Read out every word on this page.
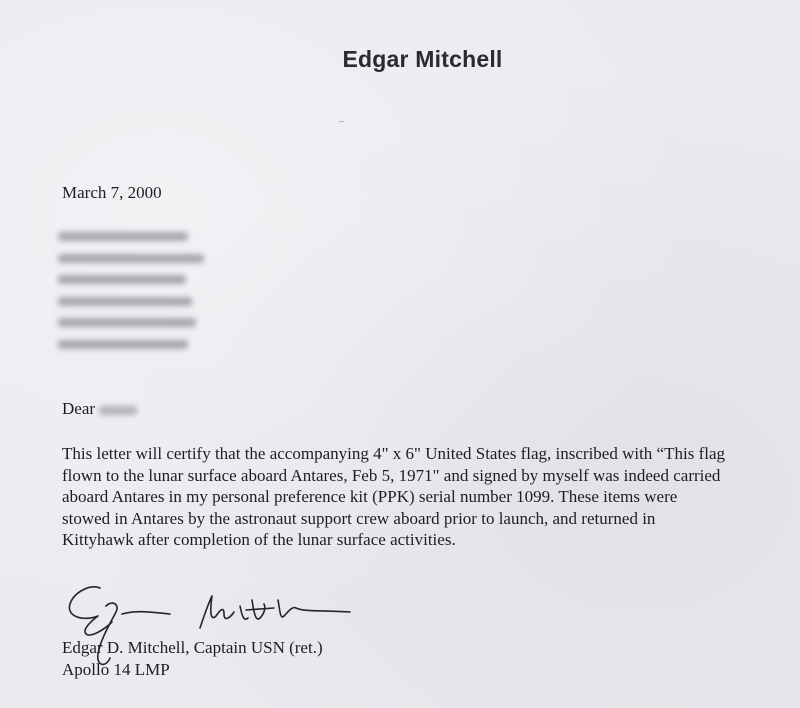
Edgar Mitchell
March 7, 2000
Dear

This letter will certify that the accompanying 4" x 6" United States flag, inscribed with “This flag

flown to the lunar surface aboard Antares, Feb 5, 1971" and signed by myself was indeed carried

aboard Antares in my personal preference kit (PPK) serial number 1099. These items were

stowed in Antares by the astronaut support crew aboard prior to launch, and returned in

Kittyhawk after completion of the lunar surface activities.

Edgar D. Mitchell, Captain USN (ret.)
Apollo 14 LMP
